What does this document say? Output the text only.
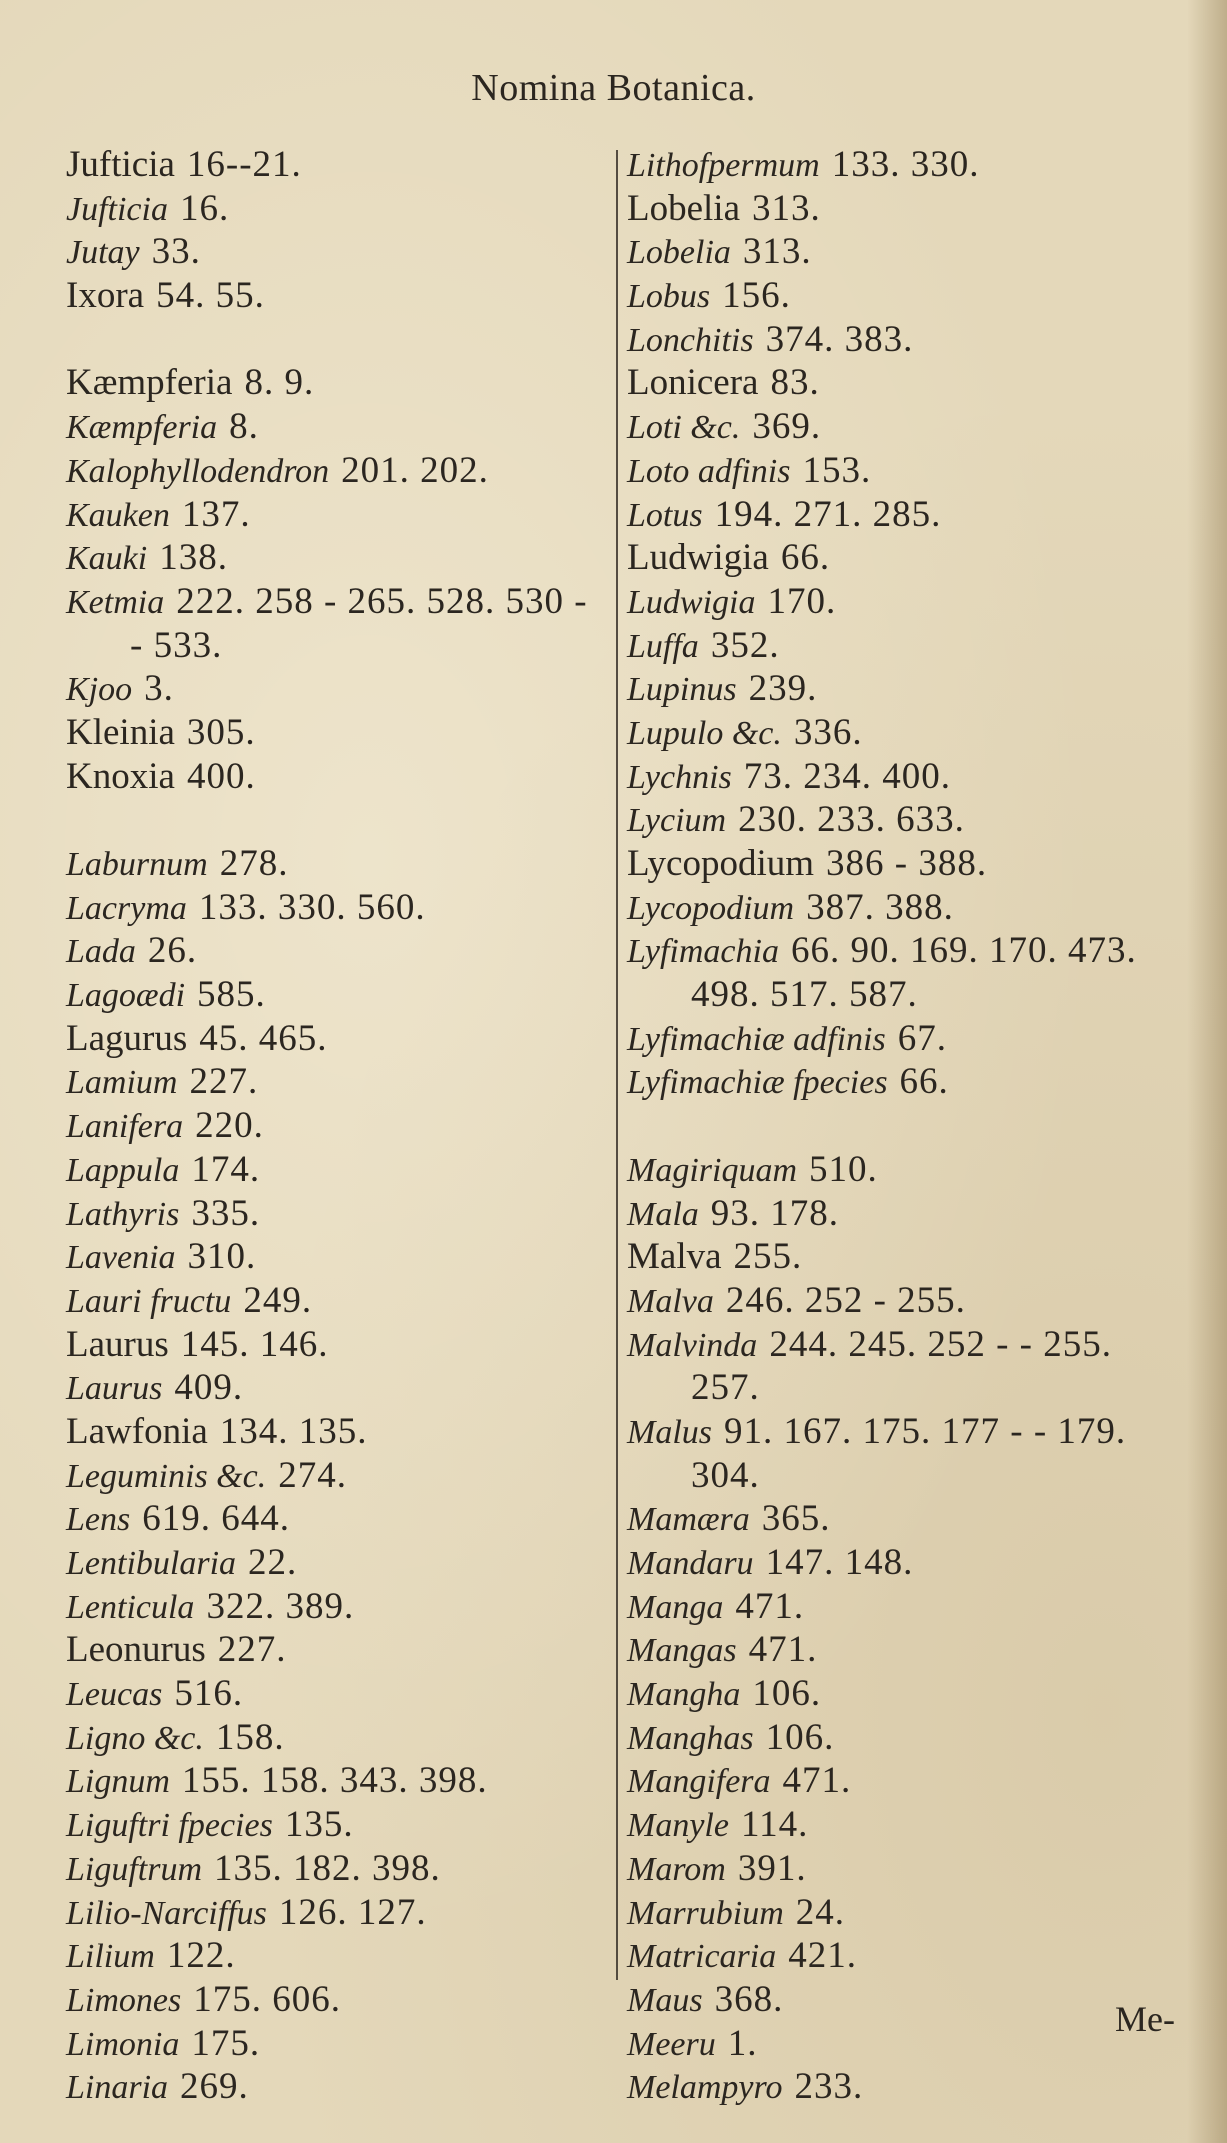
Nomina Botanica.
Jufticia 16--21.
Jufticia 16.
Jutay 33.
Ixora 54. 55.
Kæmpferia 8. 9.
Kæmpferia 8.
Kalophyllodendron 201. 202.
Kauken 137.
Kauki 138.
Ketmia 222. 258 - 265. 528. 530 -
- 533.
Kjoo 3.
Kleinia 305.
Knoxia 400.
Laburnum 278.
Lacryma 133. 330. 560.
Lada 26.
Lagoædi 585.
Lagurus 45. 465.
Lamium 227.
Lanifera 220.
Lappula 174.
Lathyris 335.
Lavenia 310.
Lauri fructu 249.
Laurus 145. 146.
Laurus 409.
Lawfonia 134. 135.
Leguminis &c. 274.
Lens 619. 644.
Lentibularia 22.
Lenticula 322. 389.
Leonurus 227.
Leucas 516.
Ligno &c. 158.
Lignum 155. 158. 343. 398.
Liguftri fpecies 135.
Liguftrum 135. 182. 398.
Lilio-Narciffus 126. 127.
Lilium 122.
Limones 175. 606.
Limonia 175.
Linaria 269.
Lithofpermum 133. 330.
Lobelia 313.
Lobelia 313.
Lobus 156.
Lonchitis 374. 383.
Lonicera 83.
Loti &c. 369.
Loto adfinis 153.
Lotus 194. 271. 285.
Ludwigia 66.
Ludwigia 170.
Luffa 352.
Lupinus 239.
Lupulo &c. 336.
Lychnis 73. 234. 400.
Lycium 230. 233. 633.
Lycopodium 386 - 388.
Lycopodium 387. 388.
Lyfimachia 66. 90. 169. 170. 473.
498. 517. 587.
Lyfimachiæ adfinis 67.
Lyfimachiæ fpecies 66.
Magiriquam 510.
Mala 93. 178.
Malva 255.
Malva 246. 252 - 255.
Malvinda 244. 245. 252 - - 255.
257.
Malus 91. 167. 175. 177 - - 179.
304.
Mamæra 365.
Mandaru 147. 148.
Manga 471.
Mangas 471.
Mangha 106.
Manghas 106.
Mangifera 471.
Manyle 114.
Marom 391.
Marrubium 24.
Matricaria 421.
Maus 368.
Meeru 1.
Melampyro 233.
Me-
